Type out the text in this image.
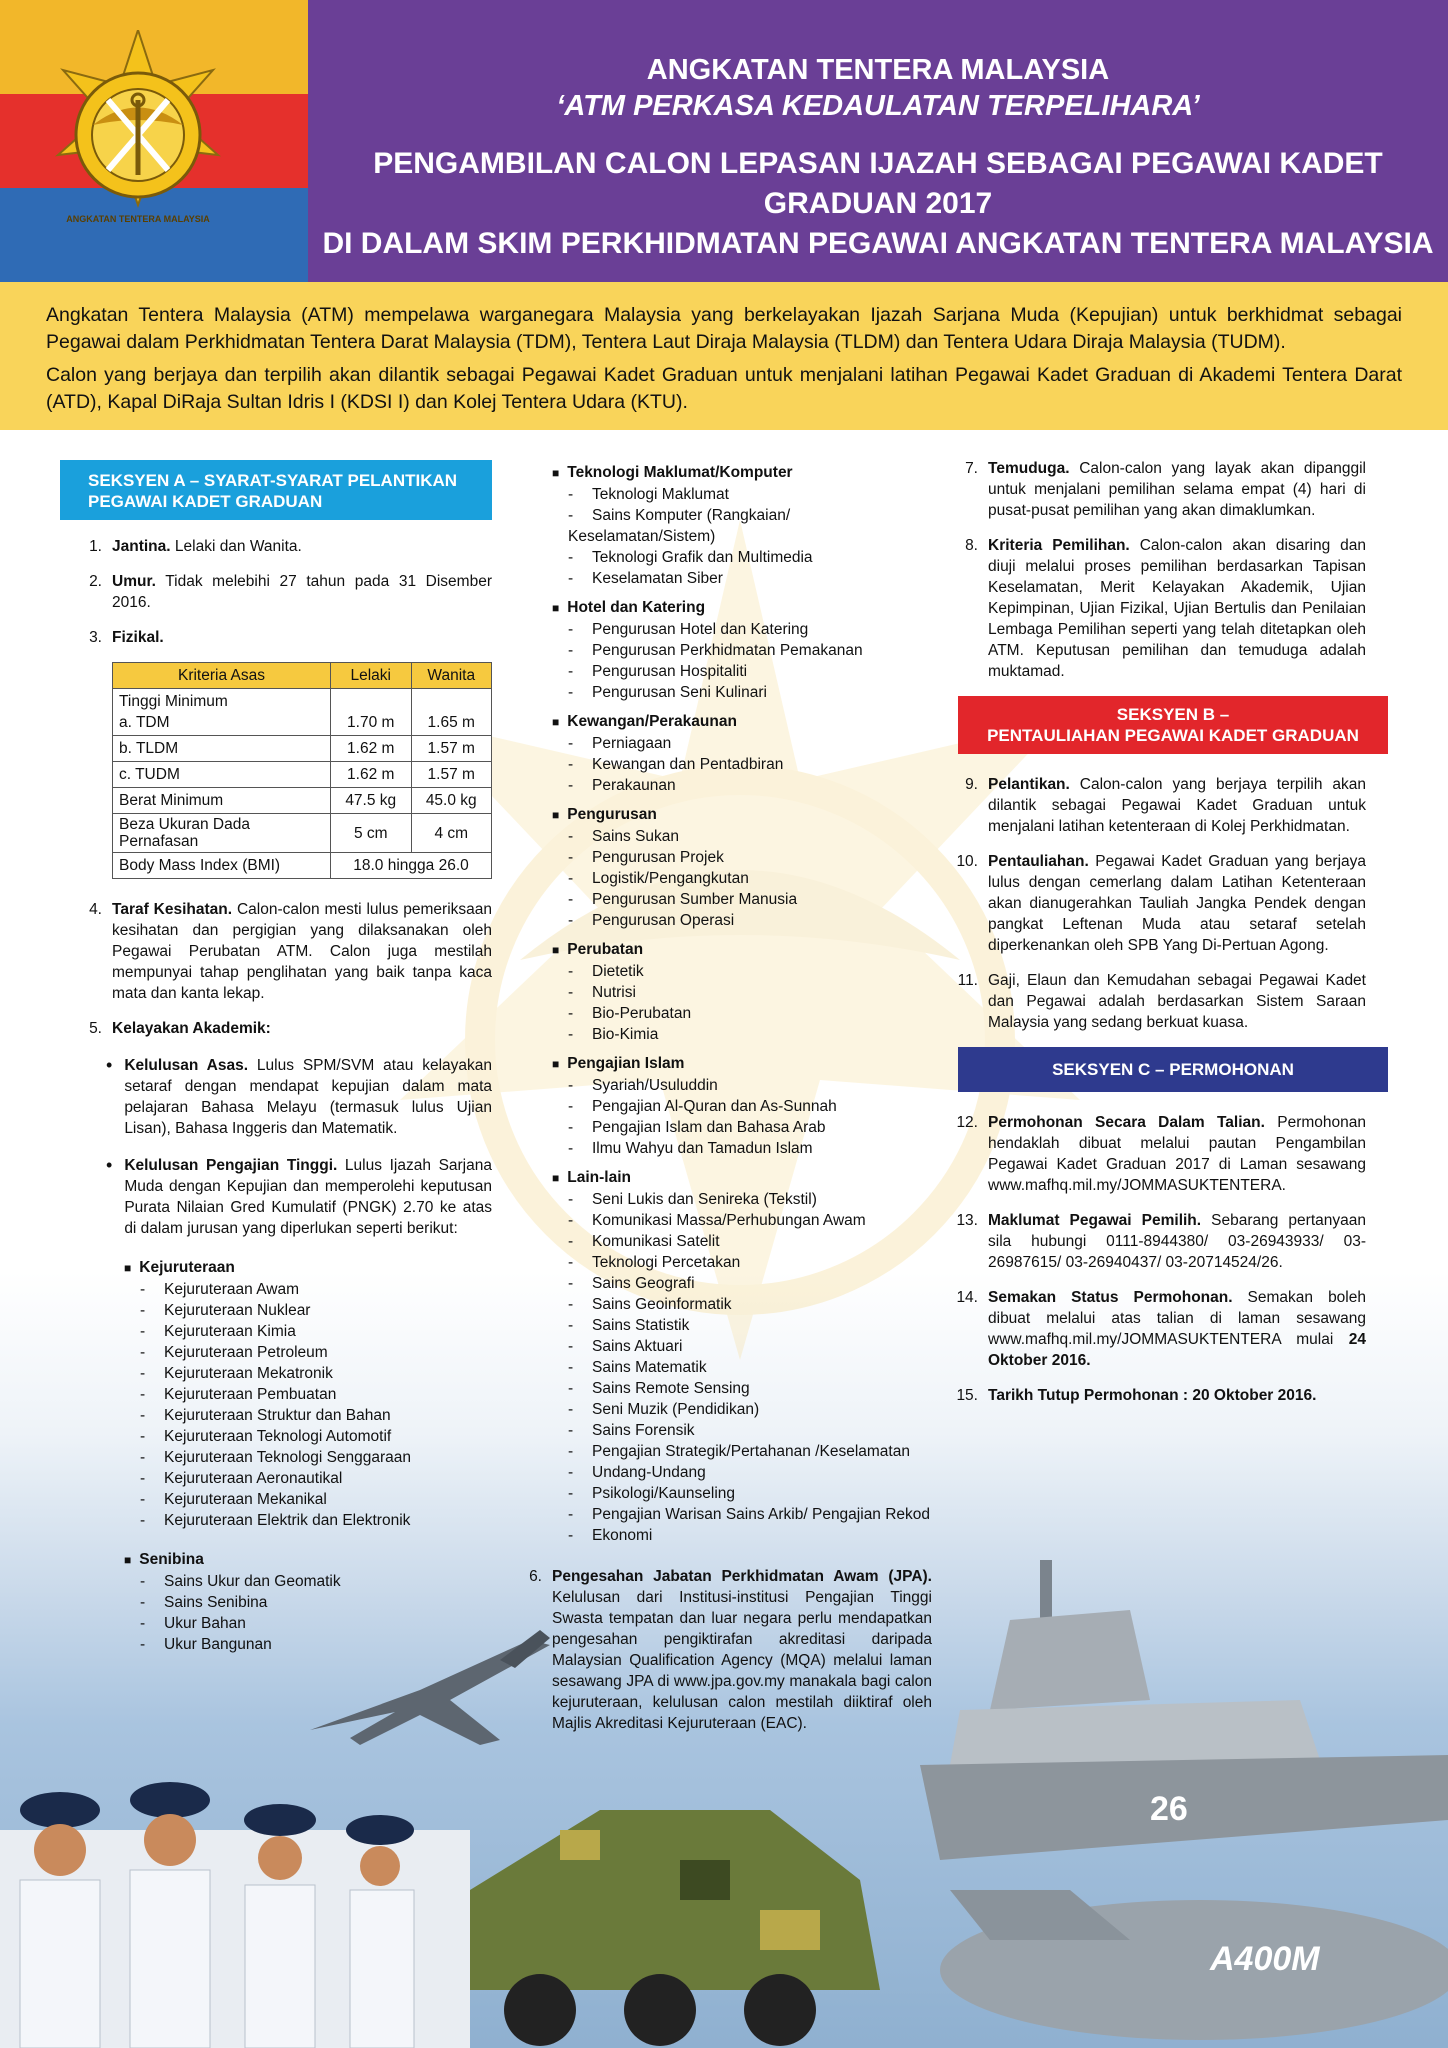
ANGKATAN TENTERA MALAYSIA
ANGKATAN TENTERA MALAYSIA
‘ATM PERKASA KEDAULATAN TERPELIHARA’
PENGAMBILAN CALON LEPASAN IJAZAH SEBAGAI PEGAWAI KADET GRADUAN 2017
DI DALAM SKIM PERKHIDMATAN PEGAWAI ANGKATAN TENTERA MALAYSIA

Angkatan Tentera Malaysia (ATM) mempelawa warganegara Malaysia yang berkelayakan Ijazah Sarjana Muda (Kepujian) untuk berkhidmat sebagai Pegawai dalam Perkhidmatan Tentera Darat Malaysia (TDM), Tentera Laut Diraja Malaysia (TLDM) dan Tentera Udara Diraja Malaysia (TUDM).

Calon yang berjaya dan terpilih akan dilantik sebagai Pegawai Kadet Graduan untuk menjalani latihan Pegawai Kadet Graduan di Akademi Tentera Darat (ATD), Kapal DiRaja Sultan Idris I (KDSI I) dan Kolej Tentera Udara (KTU).

SEKSYEN A – SYARAT-SYARAT PELANTIKAN
PEGAWAI KADET GRADUAN
1. Jantina. Lelaki dan Wanita.
2. Umur. Tidak melebihi 27 tahun pada 31 Disember 2016.
3. Fizikal.
Kriteria Asas	Lelaki	Wanita

Tinggi Minimum
a. TDM	1.70 m	1.65 m
b. TLDM	1.62 m	1.57 m
c. TUDM	1.62 m	1.57 m
Berat Minimum	47.5 kg	45.0 kg
Beza Ukuran Dada Pernafasan	5 cm	4 cm
Body Mass Index (BMI)	18.0 hingga 26.0	
4. Taraf Kesihatan. Calon-calon mesti lulus pemeriksaan kesihatan dan pergigian yang dilaksanakan oleh Pegawai Perubatan ATM. Calon juga mestilah mempunyai tahap penglihatan yang baik tanpa kaca mata dan kanta lekap.
5. Kelayakan Akademik:
• Kelulusan Asas. Lulus SPM/SVM atau kelayakan setaraf dengan mendapat kepujian dalam mata pelajaran Bahasa Melayu (termasuk lulus Ujian Lisan), Bahasa Inggeris dan Matematik.
• Kelulusan Pengajian Tinggi. Lulus Ijazah Sarjana Muda dengan Kepujian dan memperolehi keputusan Purata Nilaian Gred Kumulatif (PNGK) 2.70 ke atas di dalam jurusan yang diperlukan seperti berikut:
■ Kejuruteraan
- Kejuruteraan Awam
- Kejuruteraan Nuklear
- Kejuruteraan Kimia
- Kejuruteraan Petroleum
- Kejuruteraan Mekatronik
- Kejuruteraan Pembuatan
- Kejuruteraan Struktur dan Bahan
- Kejuruteraan Teknologi Automotif
- Kejuruteraan Teknologi Senggaraan
- Kejuruteraan Aeronautikal
- Kejuruteraan Mekanikal
- Kejuruteraan Elektrik dan Elektronik
■ Senibina
- Sains Ukur dan Geomatik
- Sains Senibina
- Ukur Bahan
- Ukur Bangunan
■ Teknologi Maklumat/Komputer
- Teknologi Maklumat
- Sains Komputer (Rangkaian/ Keselamatan/Sistem)
- Teknologi Grafik dan Multimedia
- Keselamatan Siber
■ Hotel dan Katering
- Pengurusan Hotel dan Katering
- Pengurusan Perkhidmatan Pemakanan
- Pengurusan Hospitaliti
- Pengurusan Seni Kulinari
■ Kewangan/Perakaunan
- Perniagaan
- Kewangan dan Pentadbiran
- Perakaunan
■ Pengurusan
- Sains Sukan
- Pengurusan Projek
- Logistik/Pengangkutan
- Pengurusan Sumber Manusia
- Pengurusan Operasi
■ Perubatan
- Dietetik
- Nutrisi
- Bio-Perubatan
- Bio-Kimia
■ Pengajian Islam
- Syariah/Usuluddin
- Pengajian Al-Quran dan As-Sunnah
- Pengajian Islam dan Bahasa Arab
- Ilmu Wahyu dan Tamadun Islam
■ Lain-lain
- Seni Lukis dan Senireka (Tekstil)
- Komunikasi Massa/Perhubungan Awam
- Komunikasi Satelit
- Teknologi Percetakan
- Sains Geografi
- Sains Geoinformatik
- Sains Statistik
- Sains Aktuari
- Sains Matematik
- Sains Remote Sensing
- Seni Muzik (Pendidikan)
- Sains Forensik
- Pengajian Strategik/Pertahanan /Keselamatan
- Undang-Undang
- Psikologi/Kaunseling
- Pengajian Warisan Sains Arkib/ Pengajian Rekod
- Ekonomi
6. Pengesahan Jabatan Perkhidmatan Awam (JPA). Kelulusan dari Institusi-institusi Pengajian Tinggi Swasta tempatan dan luar negara perlu mendapatkan pengesahan pengiktirafan akreditasi daripada Malaysian Qualification Agency (MQA) melalui laman sesawang JPA di www.jpa.gov.my manakala bagi calon kejuruteraan, kelulusan calon mestilah diiktiraf oleh Majlis Akreditasi Kejuruteraan (EAC).
7. Temuduga. Calon-calon yang layak akan dipanggil untuk menjalani pemilihan selama empat (4) hari di pusat-pusat pemilihan yang akan dimaklumkan.
8. Kriteria Pemilihan. Calon-calon akan disaring dan diuji melalui proses pemilihan berdasarkan Tapisan Keselamatan, Merit Kelayakan Akademik, Ujian Kepimpinan, Ujian Fizikal, Ujian Bertulis dan Penilaian Lembaga Pemilihan seperti yang telah ditetapkan oleh ATM. Keputusan pemilihan dan temuduga adalah muktamad.
SEKSYEN B –
PENTAULIAHAN PEGAWAI KADET GRADUAN
9. Pelantikan. Calon-calon yang berjaya terpilih akan dilantik sebagai Pegawai Kadet Graduan untuk menjalani latihan ketenteraan di Kolej Perkhidmatan.
10. Pentauliahan. Pegawai Kadet Graduan yang berjaya lulus dengan cemerlang dalam Latihan Ketenteraan akan dianugerahkan Tauliah Jangka Pendek dengan pangkat Leftenan Muda atau setaraf setelah diperkenankan oleh SPB Yang Di-Pertuan Agong.
11. Gaji, Elaun dan Kemudahan sebagai Pegawai Kadet dan Pegawai adalah berdasarkan Sistem Saraan Malaysia yang sedang berkuat kuasa.
SEKSYEN C – PERMOHONAN
12. Permohonan Secara Dalam Talian. Permohonan hendaklah dibuat melalui pautan Pengambilan Pegawai Kadet Graduan 2017 di Laman sesawang www.mafhq.mil.my/JOMMASUKTENTERA.
13. Maklumat Pegawai Pemilih. Sebarang pertanyaan sila hubungi 0111-8944380/ 03-26943933/ 03-26987615/ 03-26940437/ 03-20714524/26.
14. Semakan Status Permohonan. Semakan boleh dibuat melalui atas talian di laman sesawang www.mafhq.mil.my/JOMMASUKTENTERA mulai 24 Oktober 2016.
15. Tarikh Tutup Permohonan : 20 Oktober 2016.
26
A400M
